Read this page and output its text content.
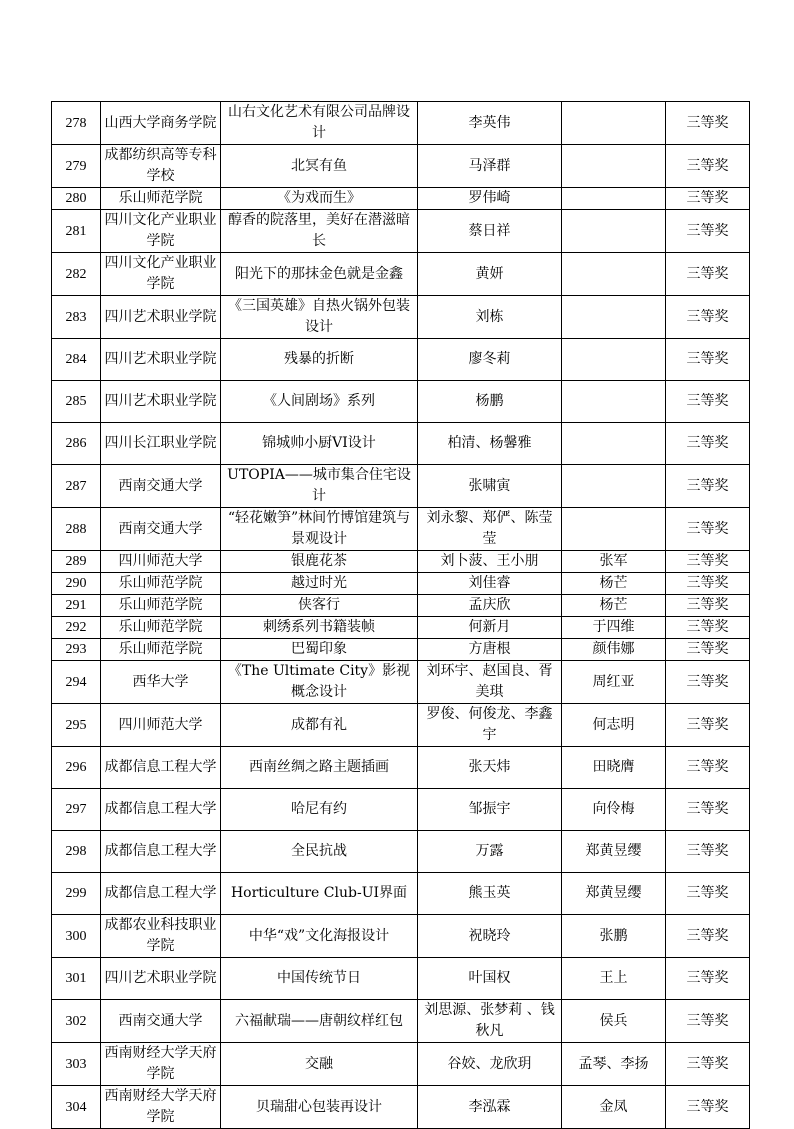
278	山西大学商务学院	山右文化艺术有限公司品牌设计	李英伟		三等奖
279	成都纺织高等专科学校	北冥有鱼	马泽群		三等奖
280	乐山师范学院	《为戏而生》	罗伟崎		三等奖
281	四川文化产业职业学院	醇香的院落里，美好在潜滋暗长	蔡日祥		三等奖
282	四川文化产业职业学院	阳光下的那抹金色就是金鑫	黄妍		三等奖
283	四川艺术职业学院	《三国英雄》自热火锅外包装设计	刘栋		三等奖
284	四川艺术职业学院	残暴的折断	廖冬莉		三等奖
285	四川艺术职业学院	《人间剧场》系列	杨鹏		三等奖
286	四川长江职业学院	锦城帅小厨VI设计	柏清、杨馨雅		三等奖
287	西南交通大学	UTOPIA——城市集合住宅设计	张啸寅		三等奖
288	西南交通大学	“轻花嫩笋”林间竹博馆建筑与景观设计	刘永黎、郑俨、陈莹莹		三等奖
289	四川师范大学	银鹿花茶	刘卜菠、王小朋	张军	三等奖
290	乐山师范学院	越过时光	刘佳睿	杨芒	三等奖
291	乐山师范学院	侠客行	孟庆欣	杨芒	三等奖
292	乐山师范学院	刺绣系列书籍装帧	何新月	于四维	三等奖
293	乐山师范学院	巴蜀印象	方唐根	颜伟娜	三等奖
294	西华大学	《The Ultimate City》影视概念设计	刘环宇、赵国良、胥美琪	周红亚	三等奖
295	四川师范大学	成都有礼	罗俊、何俊龙、李鑫宇	何志明	三等奖
296	成都信息工程大学	西南丝绸之路主题插画	张天炜	田晓膺	三等奖
297	成都信息工程大学	哈尼有约	邹振宇	向伶梅	三等奖
298	成都信息工程大学	全民抗战	万露	郑黄昱缨	三等奖
299	成都信息工程大学	Horticulture Club-UI界面	熊玉英	郑黄昱缨	三等奖
300	成都农业科技职业学院	中华“戏”文化海报设计	祝晓玲	张鹏	三等奖
301	四川艺术职业学院	中国传统节日	叶国权	王上	三等奖
302	西南交通大学	六福献瑞——唐朝纹样红包	刘思源、张梦莉 、钱秋凡	侯兵	三等奖
303	西南财经大学天府学院	交融	谷姣、龙欣玥	孟琴、李扬	三等奖
304	西南财经大学天府学院	贝瑞甜心包装再设计	李泓霖	金凤	三等奖
